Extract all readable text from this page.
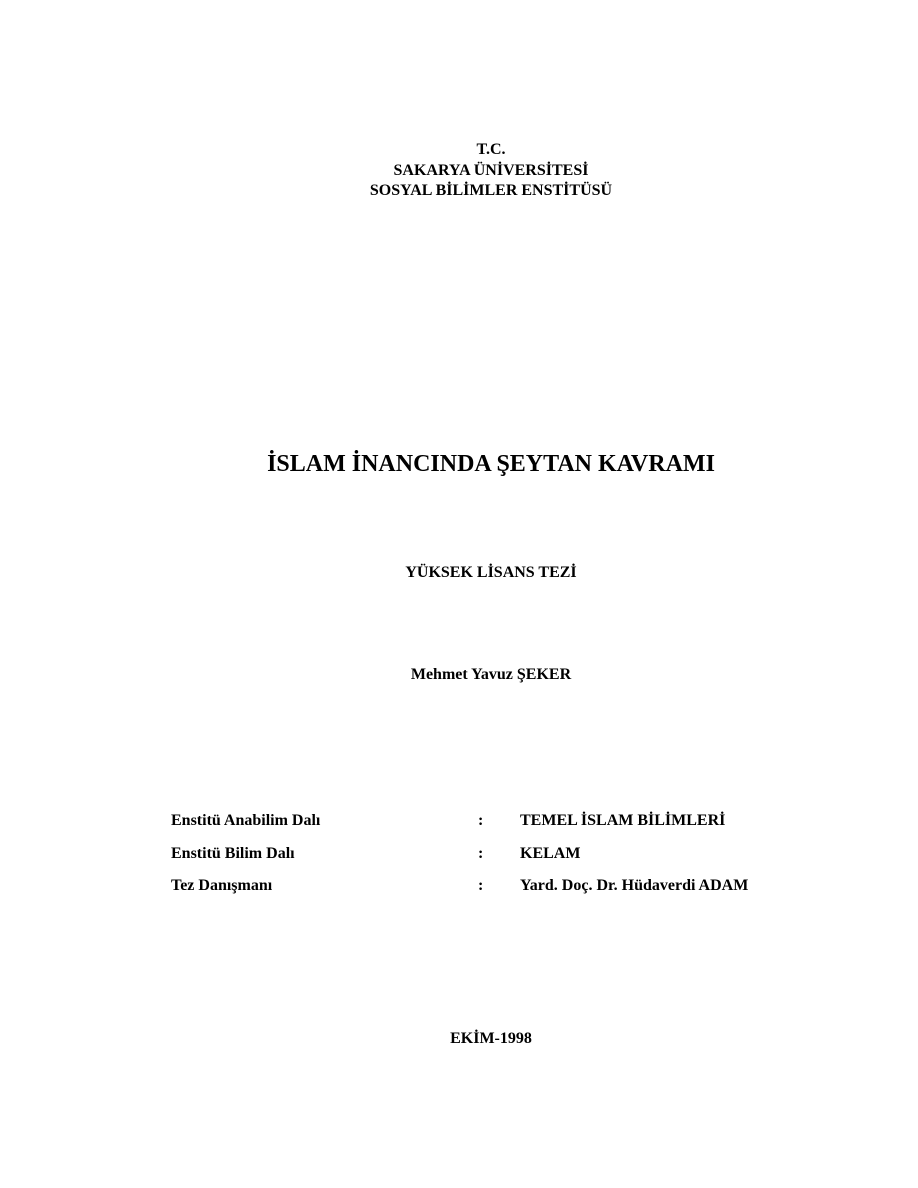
T.C.
SAKARYA ÜNİVERSİTESİ
SOSYAL BİLİMLER ENSTİTÜSÜ
İSLAM İNANCINDA ŞEYTAN KAVRAMI
YÜKSEK LİSANS TEZİ
Mehmet Yavuz ŞEKER
Enstitü Anabilim Dalı	: TEMEL İSLAM BİLİMLERİ
Enstitü Bilim Dalı	: KELAM
Tez Danışmanı	: Yard. Doç. Dr. Hüdaverdi ADAM
EKİM-1998
